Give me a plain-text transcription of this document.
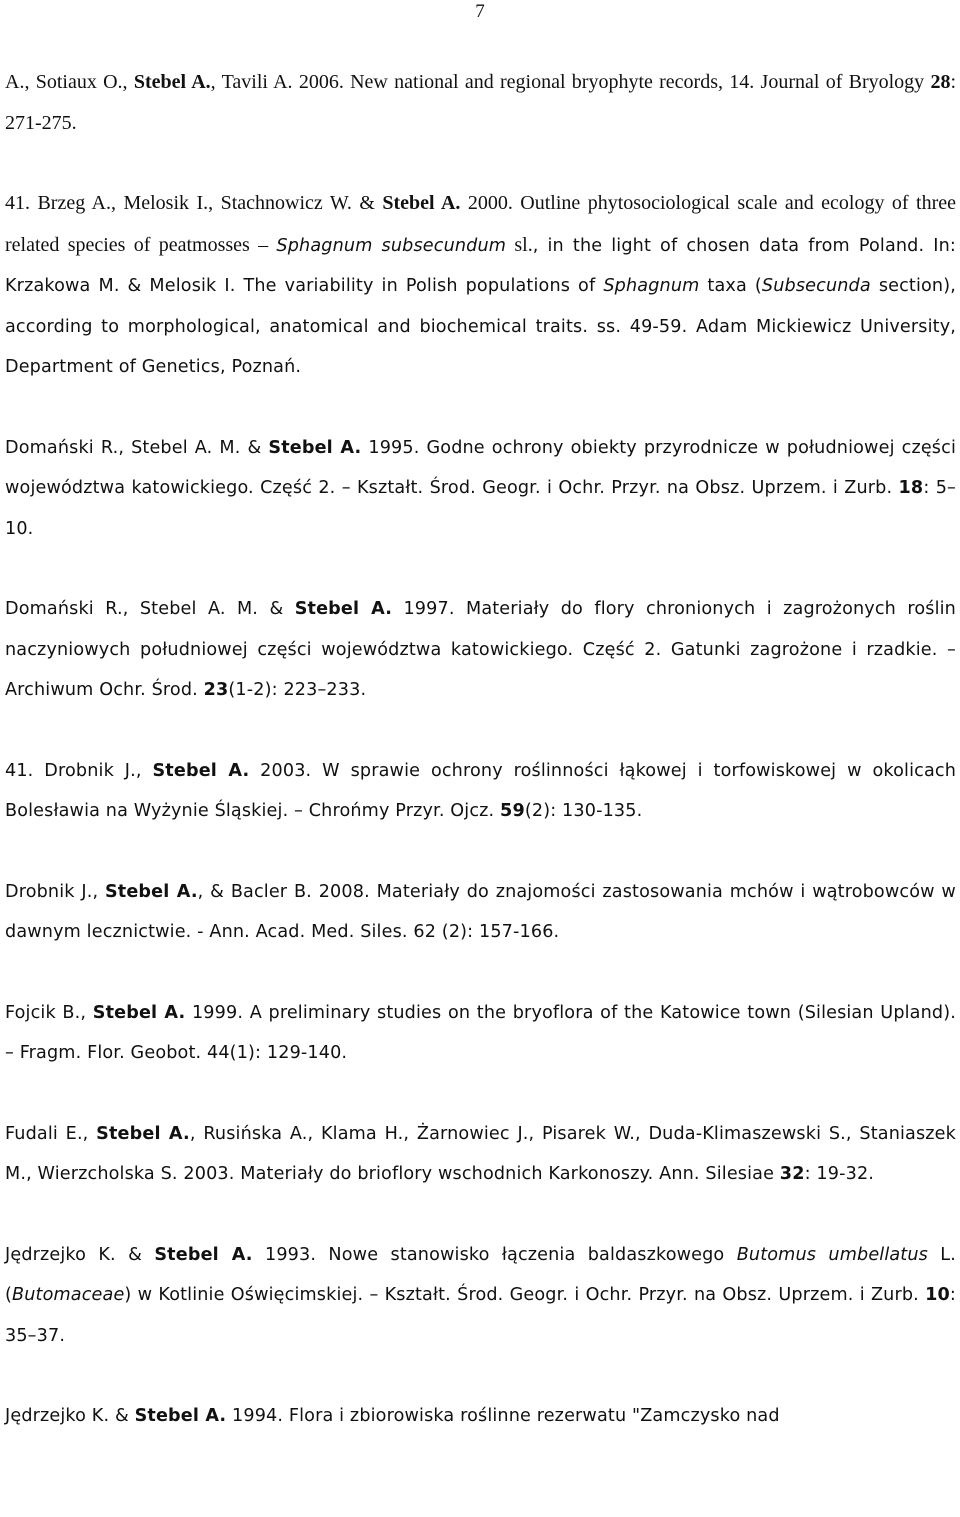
7

A., Sotiaux O., Stebel A., Tavili A. 2006. New national and regional bryophyte records, 14. Journal of Bryology 28: 271-275.

41. Brzeg A., Melosik I., Stachnowicz W. & Stebel A. 2000. Outline phytosociological scale and ecology of three related species of peatmosses – Sphagnum subsecundum sl., in the light of chosen data from Poland. In: Krzakowa M. & Melosik I. The variability in Polish populations of Sphagnum taxa (Subsecunda section), according to morphological, anatomical and biochemical traits. ss. 49-59. Adam Mickiewicz University, Department of Genetics, Poznań.

Domański R., Stebel A. M. & Stebel A. 1995. Godne ochrony obiekty przyrodnicze w południowej części województwa katowickiego. Część 2. – Kształt. Środ. Geogr. i Ochr. Przyr. na Obsz. Uprzem. i Zurb. 18: 5–10.

Domański R., Stebel A. M. & Stebel A. 1997. Materiały do flory chronionych i zagrożonych roślin naczyniowych południowej części województwa katowickiego. Część 2. Gatunki zagrożone i rzadkie. – Archiwum Ochr. Środ. 23(1-2): 223–233.

41. Drobnik J., Stebel A. 2003. W sprawie ochrony roślinności łąkowej i torfowiskowej w okolicach Bolesławia na Wyżynie Śląskiej. – Chrońmy Przyr. Ojcz. 59(2): 130-135.

Drobnik J., Stebel A., & Bacler B. 2008. Materiały do znajomości zastosowania mchów i wątrobowców w dawnym lecznictwie. - Ann. Acad. Med. Siles. 62 (2): 157-166.

Fojcik B., Stebel A. 1999. A preliminary studies on the bryoflora of the Katowice town (Silesian Upland). – Fragm. Flor. Geobot. 44(1): 129-140.

Fudali E., Stebel A., Rusińska A., Klama H., Żarnowiec J., Pisarek W., Duda-Klimaszewski S., Staniaszek M., Wierzcholska S. 2003. Materiały do brioflory wschodnich Karkonoszy. Ann. Silesiae 32: 19-32.

Jędrzejko K. & Stebel A. 1993. Nowe stanowisko łączenia baldaszkowego Butomus umbellatus L. (Butomaceae) w Kotlinie Oświęcimskiej. – Kształt. Środ. Geogr. i Ochr. Przyr. na Obsz. Uprzem. i Zurb. 10: 35–37.

Jędrzejko K. & Stebel A. 1994. Flora i zbiorowiska roślinne rezerwatu "Zamczysko nad
